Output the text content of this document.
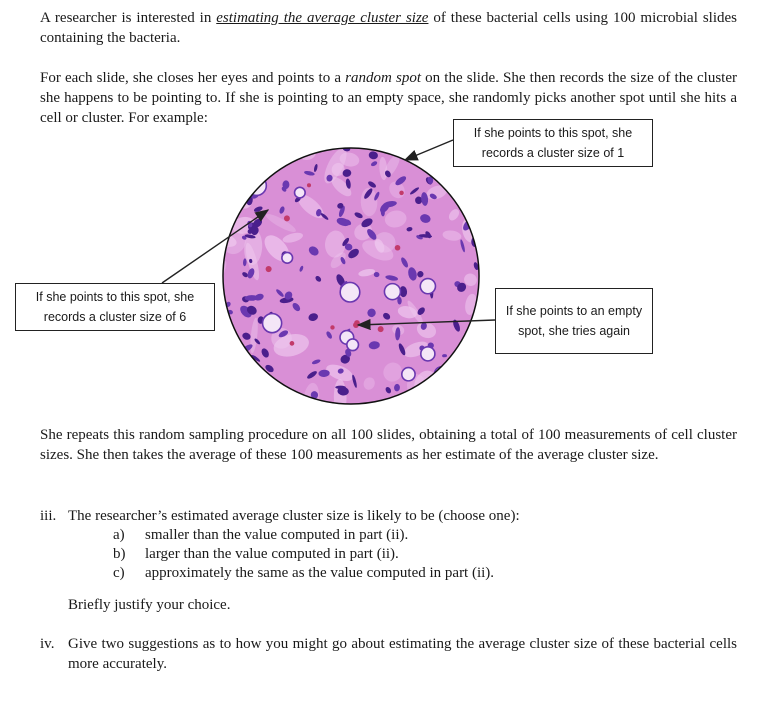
A researcher is interested in estimating the average cluster size of these bacterial cells using 100 microbial slides containing the bacteria.

For each slide, she closes her eyes and points to a random spot on the slide. She then records the size of the cluster she happens to be pointing to. If she is pointing to an empty space, she randomly picks another spot until she hits a cell or cluster. For example:

If she points to this spot, she records a cluster size of 1
If she points to this spot, she records a cluster size of 6	If she points to an empty spot, she tries again

She repeats this random sampling procedure on all 100 slides, obtaining a total of 100 measurements of cell cluster sizes. She then takes the average of these 100 measurements as her estimate of the average cluster size.

iii. The researcher’s estimated average cluster size is likely to be (choose one):
a)	smaller than the value computed in part (ii).
b)	larger than the value computed in part (ii).
c)	approximately the same as the value computed in part (ii).
Briefly justify your choice.
iv. Give two suggestions as to how you might go about estimating the average cluster size of these bacterial cells more accurately.
